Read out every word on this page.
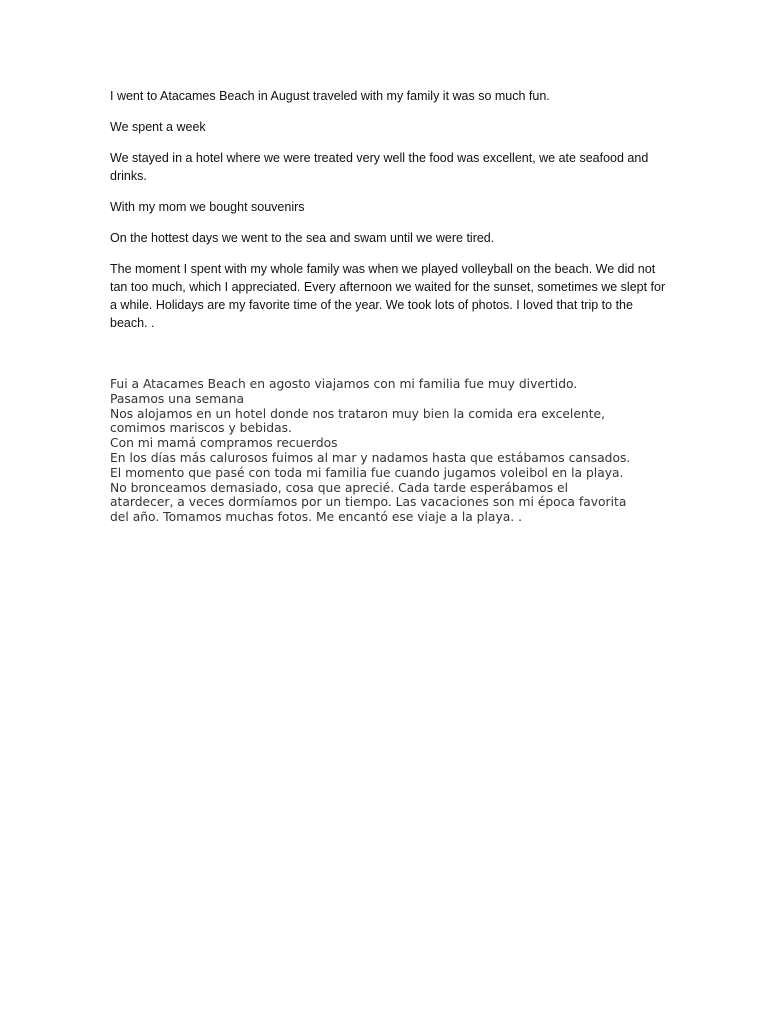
I went to Atacames Beach in August traveled with my family it was so much fun.

We spent a week

We stayed in a hotel where we were treated very well the food was excellent, we ate seafood and drinks.

With my mom we bought souvenirs

On the hottest days we went to the sea and swam until we were tired.

The moment I spent with my whole family was when we played volleyball on the beach. We did not tan too much, which I appreciated. Every afternoon we waited for the sunset, sometimes we slept for a while. Holidays are my favorite time of the year. We took lots of photos. I loved that trip to the beach. .

Fui a Atacames Beach en agosto viajamos con mi familia fue muy divertido.
Pasamos una semana
Nos alojamos en un hotel donde nos trataron muy bien la comida era excelente,
comimos mariscos y bebidas.
Con mi mamá compramos recuerdos
En los días más calurosos fuimos al mar y nadamos hasta que estábamos cansados.
El momento que pasé con toda mi familia fue cuando jugamos voleibol en la playa.
No bronceamos demasiado, cosa que aprecié. Cada tarde esperábamos el
atardecer, a veces dormíamos por un tiempo. Las vacaciones son mi época favorita
del año. Tomamos muchas fotos. Me encantó ese viaje a la playa. .
